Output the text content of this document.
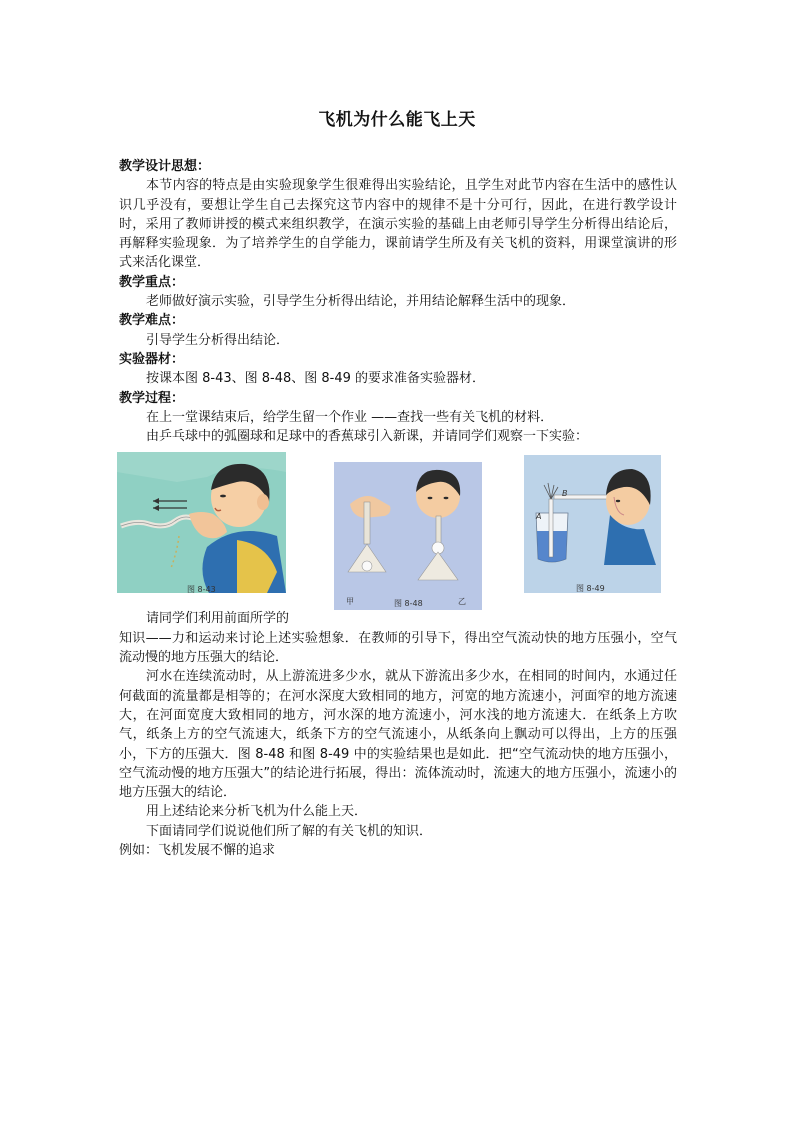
飞机为什么能飞上天

教学设计思想：

本节内容的特点是由实验现象学生很难得出实验结论，且学生对此节内容在生活中的感性认识几乎没有，要想让学生自己去探究这节内容中的规律不是十分可行，因此，在进行教学设计时，采用了教师讲授的模式来组织教学，在演示实验的基础上由老师引导学生分析得出结论后，再解释实验现象．为了培养学生的自学能力，课前请学生所及有关飞机的资料，用课堂演讲的形式来活化课堂．

教学重点：

老师做好演示实验，引导学生分析得出结论，并用结论解释生活中的现象．

教学难点：

引导学生分析得出结论．

实验器材：

按课本图 8-43、图 8-48、图 8-49 的要求准备实验器材．

教学过程：

在上一堂课结束后，给学生留一个作业 ——查找一些有关飞机的材料．

由乒乓球中的弧圈球和足球中的香蕉球引入新课，并请同学们观察一下实验：

图 8-43
甲	图 8-48	乙
A
B
图 8-49

请同学们利用前面所学的

知识——力和运动来讨论上述实验想象．在教师的引导下，得出空气流动快的地方压强小，空气流动慢的地方压强大的结论．

河水在连续流动时，从上游流进多少水，就从下游流出多少水，在相同的时间内，水通过任何截面的流量都是相等的；在河水深度大致相同的地方，河宽的地方流速小，河面窄的地方流速大，在河面宽度大致相同的地方，河水深的地方流速小，河水浅的地方流速大．在纸条上方吹气，纸条上方的空气流速大，纸条下方的空气流速小，从纸条向上飘动可以得出，上方的压强小，下方的压强大．图 8-48 和图 8-49 中的实验结果也是如此．把“空气流动快的地方压强小，空气流动慢的地方压强大”的结论进行拓展，得出：流体流动时，流速大的地方压强小，流速小的地方压强大的结论．

用上述结论来分析飞机为什么能上天．

下面请同学们说说他们所了解的有关飞机的知识．

例如：飞机发展不懈的追求
